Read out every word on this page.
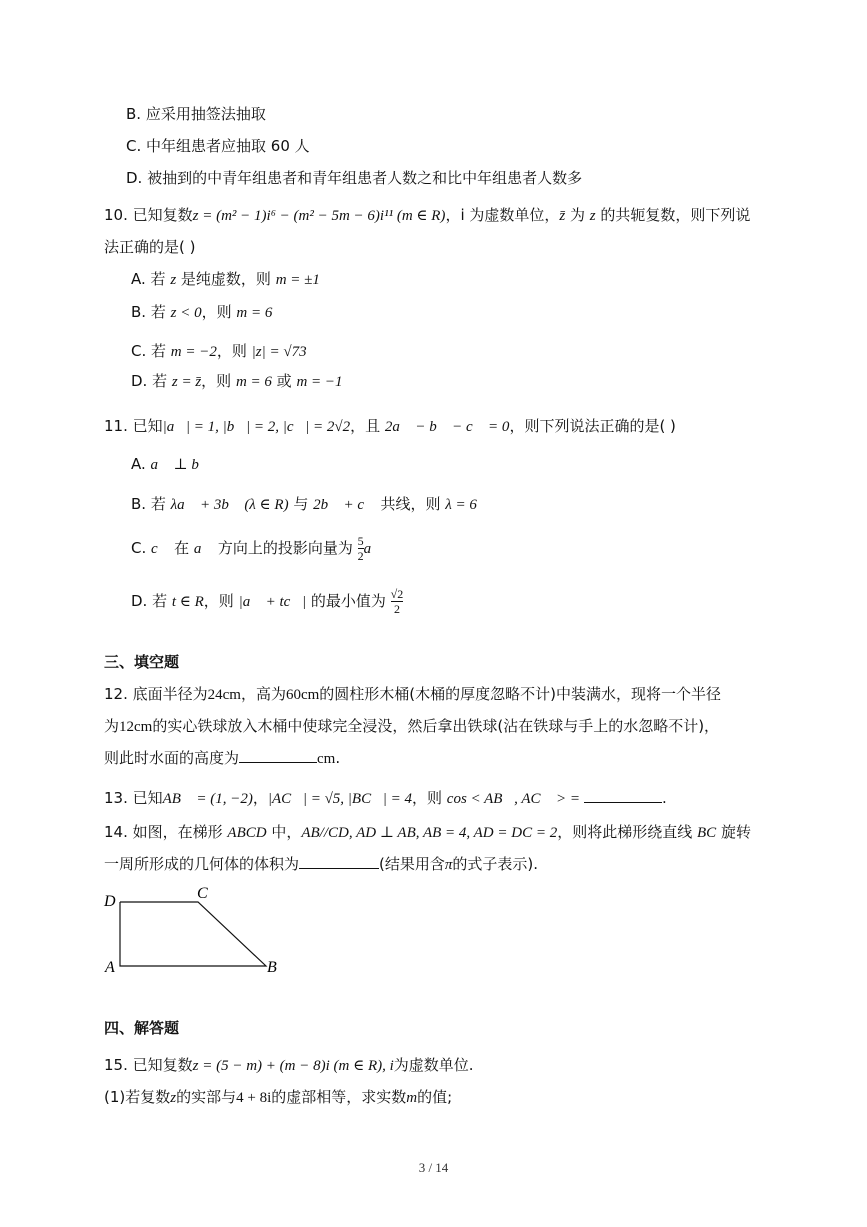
B. 应采用抽签法抽取
C. 中年组患者应抽取 60 人
D. 被抽到的中青年组患者和青年组患者人数之和比中年组患者人数多
10. 已知复数z = (m² − 1)i⁶ − (m² − 5m − 6)i¹¹ (m ∈ R)，i 为虚数单位，z̄ 为 z 的共轭复数，则下列说
法正确的是( )
A. 若 z 是纯虚数，则 m = ±1
B. 若 z < 0，则 m = 6
C. 若 m = −2，则 |z| = √73
D. 若 z = z̄，则 m = 6 或 m = −1
11. 已知|a⃗| = 1, |b⃗| = 2, |c⃗| = 2√2，且 2a⃗ − b⃗ − c⃗ = 0，则下列说法正确的是( )
A. a⃗ ⊥ b⃗
B. 若 λa⃗ + 3b⃗ (λ ∈ R) 与 2b⃗ + c⃗ 共线，则 λ = 6
C. c⃗ 在 a⃗ 方向上的投影向量为 $\frac{5}{2}$ a⃗
D. 若 t ∈ R，则 |a⃗ + tc⃗| 的最小值为 $\frac{√2}{2}$
三、填空题
12. 底面半径为24cm，高为60cm的圆柱形木桶(木桶的厚度忽略不计)中装满水，现将一个半径
为12cm的实心铁球放入木桶中使球完全浸没，然后拿出铁球(沾在铁球与手上的水忽略不计)，
则此时水面的高度为	cm.
13. 已知AB⃗ = (1, −2)，|AC⃗| = √5, |BC⃗| = 4，则 cos < AB⃗, AC⃗ > =	.
14. 如图，在梯形 ABCD 中，AB//CD, AD ⊥ AB, AB = 4, AD = DC = 2，则将此梯形绕直线 BC 旋转
一周所形成的几何体的体积为	(结果用含π的式子表示).
D	C
A	B
四、解答题
15. 已知复数z = (5 − m) + (m − 8)i (m ∈ R), i为虚数单位.
(1)若复数z的实部与4 + 8i的虚部相等，求实数m的值;
3 / 14
